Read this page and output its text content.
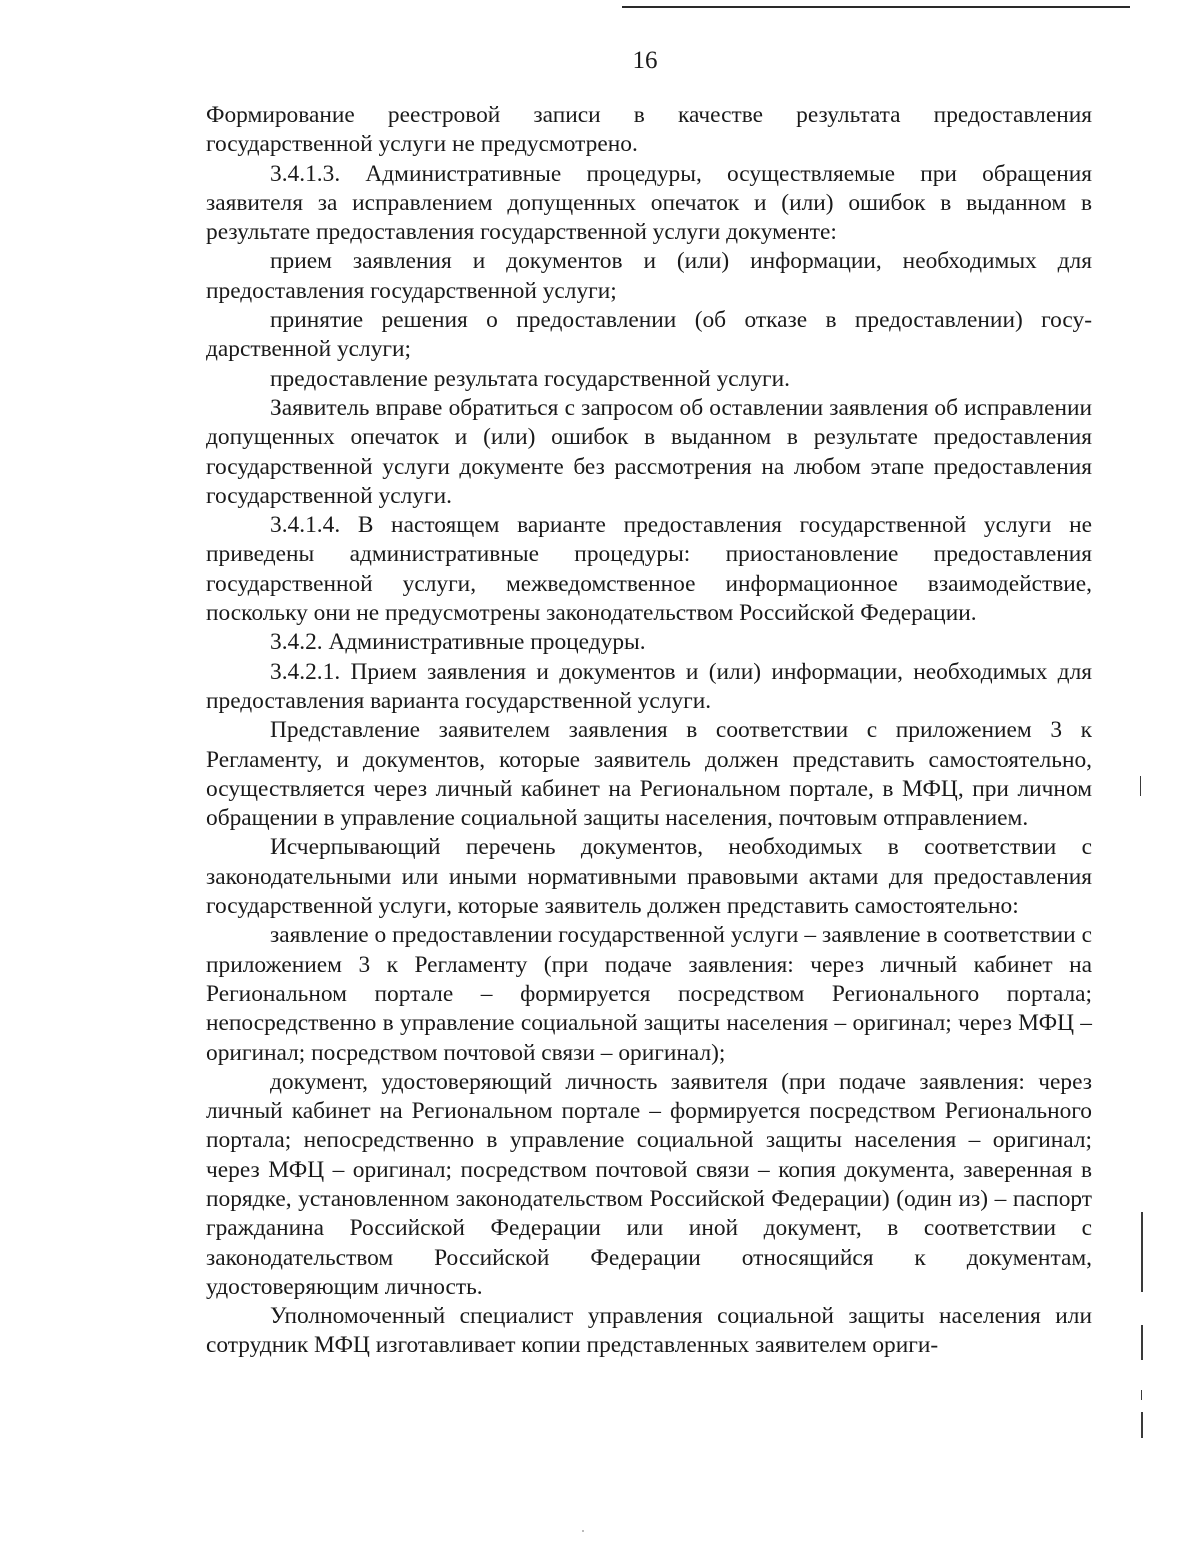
16

Формирование реестровой записи в качестве результата предоставления государственной услуги не предусмотрено.

3.4.1.3. Административные процедуры, осуществляемые при обращения заявителя за исправлением допущенных опечаток и (или) ошибок в выданном в результате предоставления государственной услуги документе:

прием заявления и документов и (или) информации, необходимых для предоставления государственной услуги;

принятие решения о предоставлении (об отказе в предоставлении) государственной услуги;

предоставление результата государственной услуги.

Заявитель вправе обратиться с запросом об оставлении заявления об исправлении допущенных опечаток и (или) ошибок в выданном в результате предоставления государственной услуги документе без рассмотрения на любом этапе предоставления государственной услуги.

3.4.1.4. В настоящем варианте предоставления государственной услуги не приведены административные процедуры: приостановление предоставления государственной услуги, межведомственное информационное взаимодействие, поскольку они не предусмотрены законодательством Российской Федерации.

3.4.2. Административные процедуры.

3.4.2.1. Прием заявления и документов и (или) информации, необходимых для предоставления варианта государственной услуги.

Представление заявителем заявления в соответствии с приложением 3 к Регламенту, и документов, которые заявитель должен представить самостоятельно, осуществляется через личный кабинет на Региональном портале, в МФЦ, при личном обращении в управление социальной защиты населения, почтовым отправлением.

Исчерпывающий перечень документов, необходимых в соответствии с законодательными или иными нормативными правовыми актами для предоставления государственной услуги, которые заявитель должен представить самостоятельно:

заявление о предоставлении государственной услуги – заявление в соответствии с приложением 3 к Регламенту (при подаче заявления: через личный кабинет на Региональном портале – формируется посредством Регионального портала; непосредственно в управление социальной защиты населения – оригинал; через МФЦ – оригинал; посредством почтовой связи – оригинал);

документ, удостоверяющий личность заявителя (при подаче заявления: через личный кабинет на Региональном портале – формируется посредством Регионального портала; непосредственно в управление социальной защиты населения – оригинал; через МФЦ – оригинал; посредством почтовой связи – копия документа, заверенная в порядке, установленном законодательством Российской Федерации) (один из) – паспорт гражданина Российской Федерации или иной документ, в соответствии с законодательством Российской Федерации относящийся к документам, удостоверяющим личность.

Уполномоченный специалист управления социальной защиты населения или сотрудник МФЦ изготавливает копии представленных заявителем ориги-
